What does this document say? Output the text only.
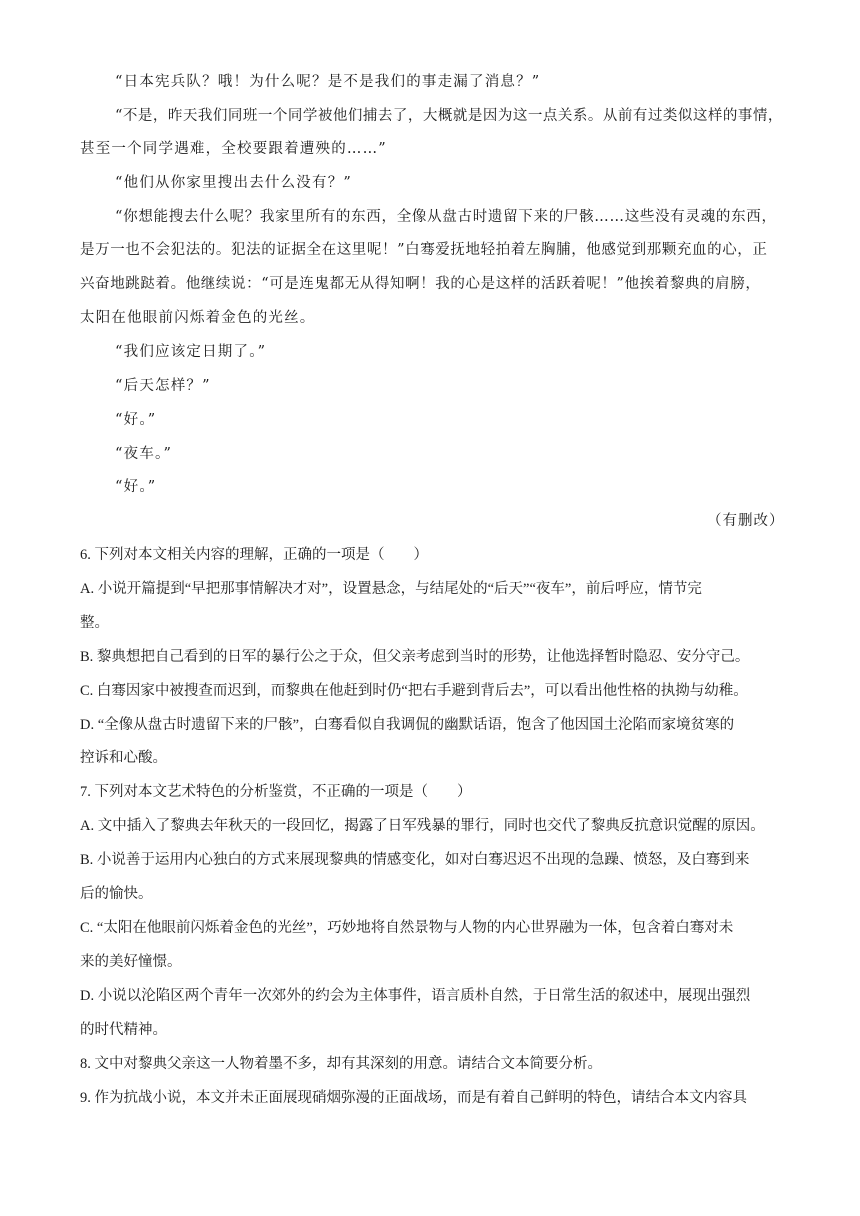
“日本宪兵队？哦！为什么呢？是不是我们的事走漏了消息？”
“不是，昨天我们同班一个同学被他们捕去了，大概就是因为这一点关系。从前有过类似这样的事情，
甚至一个同学遇难，全校要跟着遭殃的……”
“他们从你家里搜出去什么没有？”
“你想能搜去什么呢？我家里所有的东西，全像从盘古时遗留下来的尸骸……这些没有灵魂的东西，
是万一也不会犯法的。犯法的证据全在这里呢！”白骞爱抚地轻拍着左胸脯，他感觉到那颗充血的心，正
兴奋地跳跶着。他继续说：“可是连鬼都无从得知啊！我的心是这样的活跃着呢！”他挨着黎典的肩膀，
太阳在他眼前闪烁着金色的光丝。
“我们应该定日期了。”
“后天怎样？”
“好。”
“夜车。”
“好。”
（有删改）
6. 下列对本文相关内容的理解，正确的一项是（　　）
A. 小说开篇提到“早把那事情解决才对”，设置悬念，与结尾处的“后天”“夜车”，前后呼应，情节完
整。
B. 黎典想把自己看到的日军的暴行公之于众，但父亲考虑到当时的形势，让他选择暂时隐忍、安分守己。
C. 白骞因家中被搜查而迟到，而黎典在他赶到时仍“把右手避到背后去”，可以看出他性格的执拗与幼稚。
D. “全像从盘古时遗留下来的尸骸”，白骞看似自我调侃的幽默话语，饱含了他因国土沦陷而家境贫寒的
控诉和心酸。
7. 下列对本文艺术特色的分析鉴赏，不正确的一项是（　　）
A. 文中插入了黎典去年秋天的一段回忆，揭露了日军残暴的罪行，同时也交代了黎典反抗意识觉醒的原因。
B. 小说善于运用内心独白的方式来展现黎典的情感变化，如对白骞迟迟不出现的急躁、愤怒，及白骞到来
后的愉快。
C. “太阳在他眼前闪烁着金色的光丝”，巧妙地将自然景物与人物的内心世界融为一体，包含着白骞对未
来的美好憧憬。
D. 小说以沦陷区两个青年一次郊外的约会为主体事件，语言质朴自然，于日常生活的叙述中，展现出强烈
的时代精神。
8. 文中对黎典父亲这一人物着墨不多，却有其深刻的用意。请结合文本简要分析。
9. 作为抗战小说，本文并未正面展现硝烟弥漫的正面战场，而是有着自己鲜明的特色，请结合本文内容具
